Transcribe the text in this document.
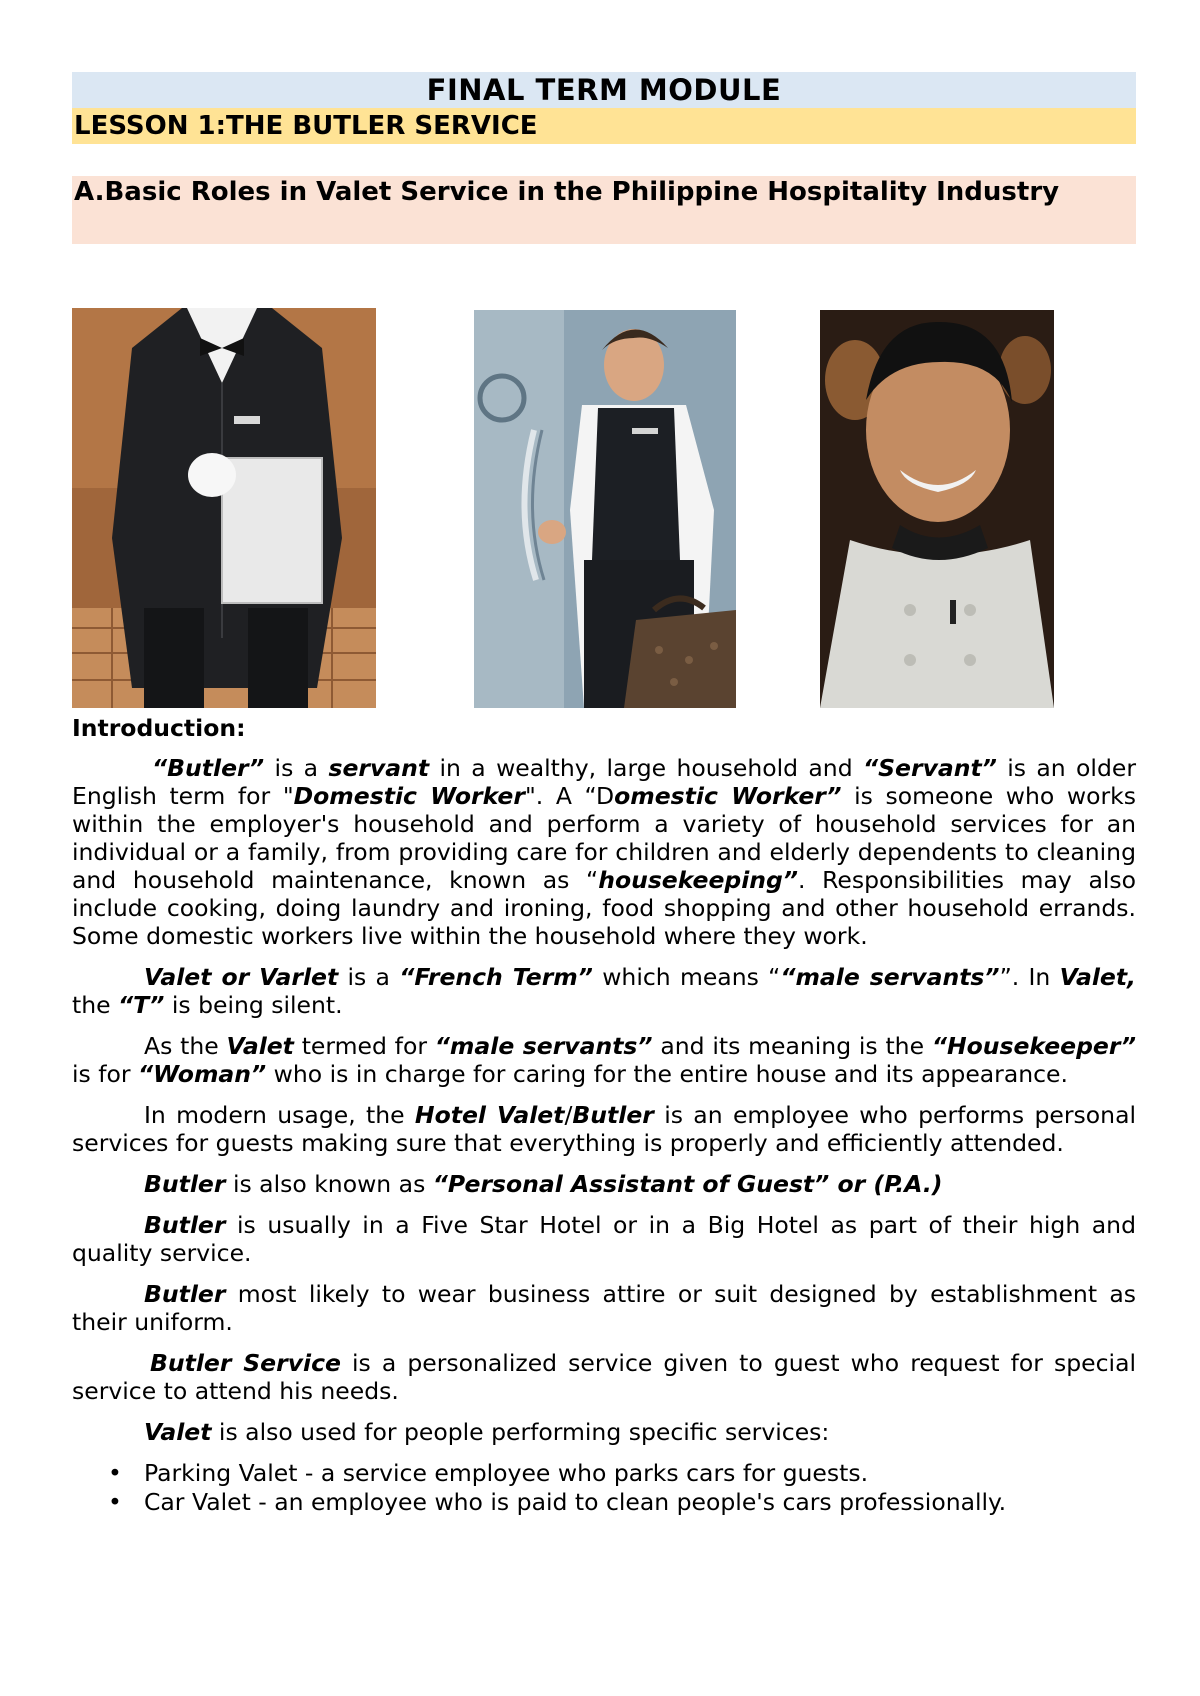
FINAL TERM MODULE
LESSON 1:THE BUTLER SERVICE
A.Basic Roles in Valet Service in the Philippine Hospitality Industry
Introduction:

“Butler” is a servant in a wealthy, large household and “Servant” is an older English term for "Domestic Worker". A “Domestic Worker” is someone who works within the employer's household and perform a variety of household services for an individual or a family, from providing care for children and elderly dependents to cleaning and household maintenance, known as “housekeeping”. Responsibilities may also include cooking, doing laundry and ironing, food shopping and other household errands. Some domestic workers live within the household where they work.

Valet or Varlet is a “French Term” which means ““male servants””. In Valet, the “T” is being silent.

As the Valet termed for “male servants” and its meaning is the “Housekeeper” is for “Woman” who is in charge for caring for the entire house and its appearance.

In modern usage, the Hotel Valet/Butler is an employee who performs personal services for guests making sure that everything is properly and efficiently attended.

Butler is also known as “Personal Assistant of Guest” or (P.A.)

Butler is usually in a Five Star Hotel or in a Big Hotel as part of their high and quality service.

Butler most likely to wear business attire or suit designed by establishment as their uniform.

Butler Service is a personalized service given to guest who request for special service to attend his needs.

Valet is also used for people performing specific services:

• Parking Valet - a service employee who parks cars for guests.
• Car Valet - an employee who is paid to clean people's cars professionally.
